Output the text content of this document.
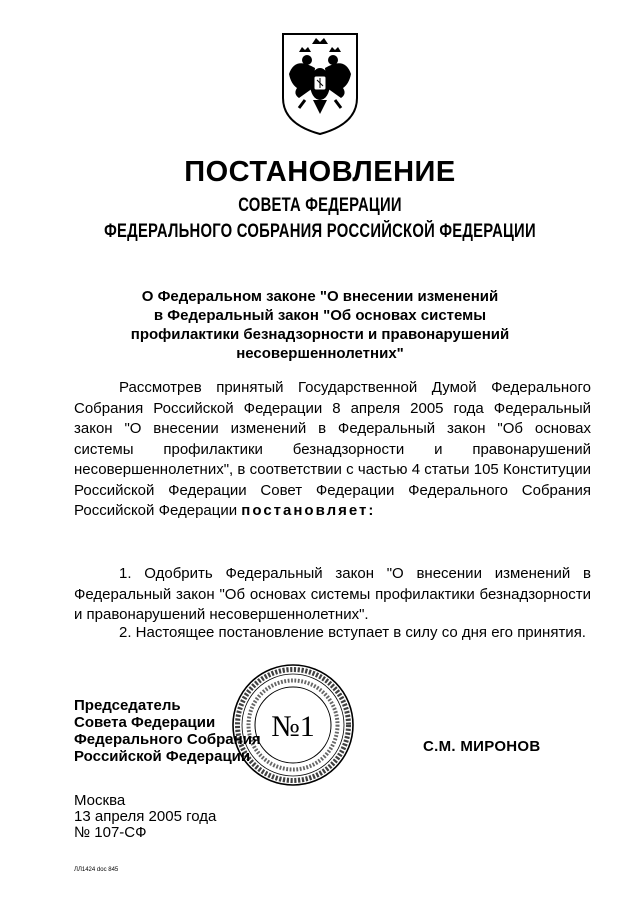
ПОСТАНОВЛЕНИЕ
СОВЕТА ФЕДЕРАЦИИ
ФЕДЕРАЛЬНОГО СОБРАНИЯ РОССИЙСКОЙ ФЕДЕРАЦИИ
О Федеральном законе "О внесении изменений
в Федеральный закон "Об основах системы
профилактики безнадзорности и правонарушений
несовершеннолетних"
Рассмотрев принятый Государственной Думой Федерального Собрания Российской Федерации 8 апреля 2005 года Федеральный закон "О внесении изменений в Федеральный закон "Об основах системы профилактики безнадзорности и правонарушений несовершеннолетних", в соответствии с частью 4 статьи 105 Конституции Российской Федерации Совет Федерации Федерального Собрания Российской Федерации постановляет:
1. Одобрить Федеральный закон "О внесении изменений в Федеральный закон "Об основах системы профилактики безнадзорности и правонарушений несовершеннолетних".
2. Настоящее постановление вступает в силу со дня его принятия.
Председатель
Совета Федерации
Федерального Собрания
Российской Федерации
№1
С.М. МИРОНОВ
Москва
13 апреля 2005 года
№ 107-СФ
ЛЛ1424 doc 845
